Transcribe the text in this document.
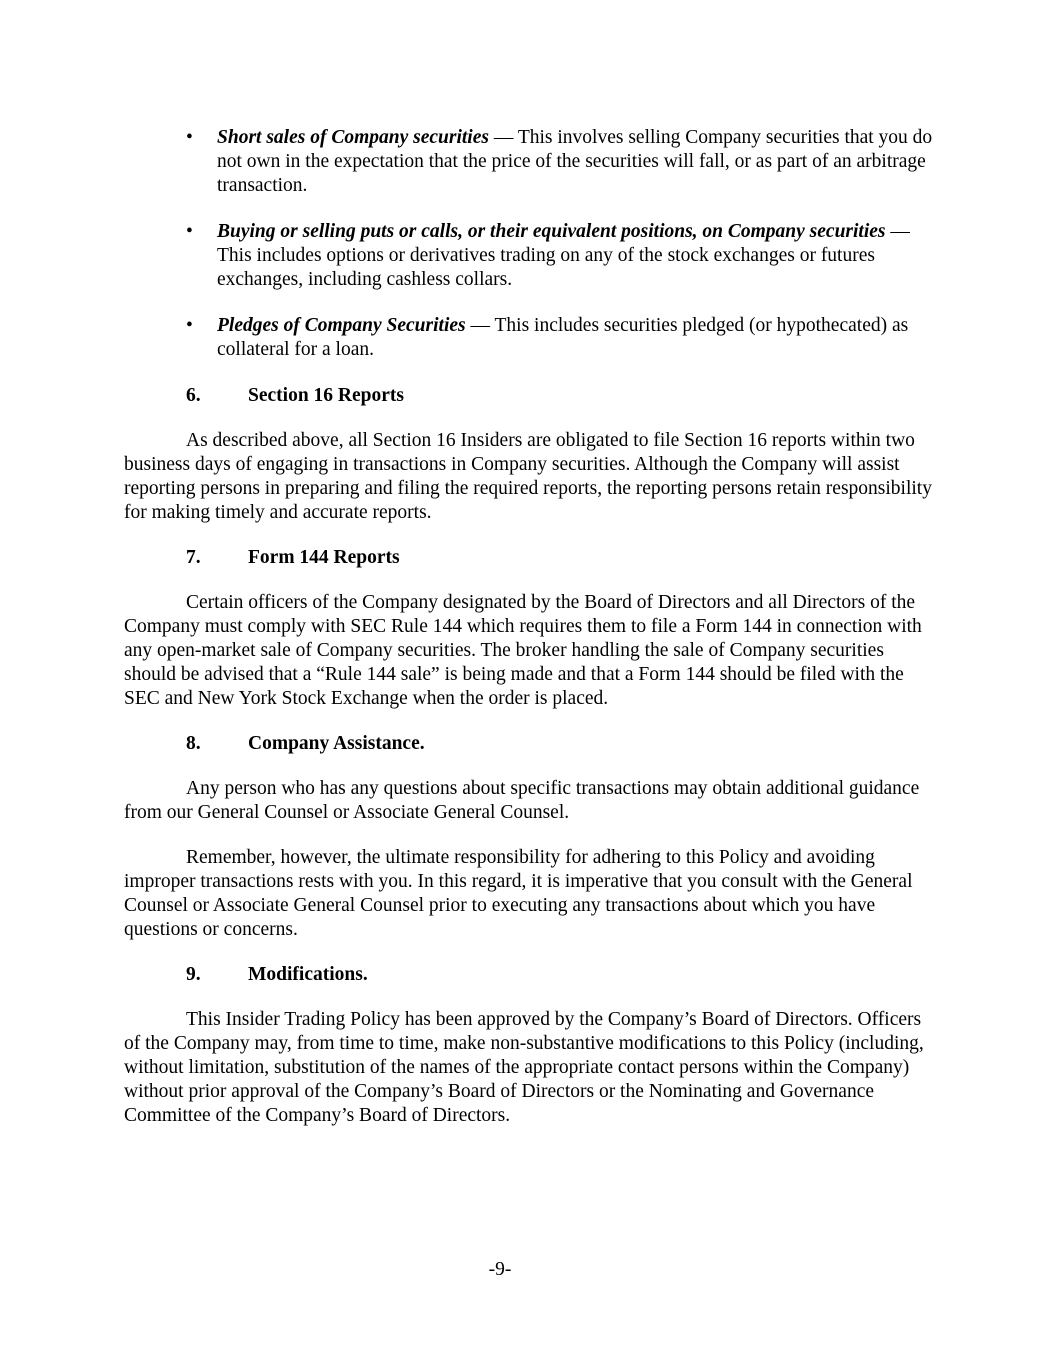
• Short sales of Company securities — This involves selling Company securities that you do not own in the expectation that the price of the securities will fall, or as part of an arbitrage transaction.
• Buying or selling puts or calls, or their equivalent positions, on Company securities — This includes options or derivatives trading on any of the stock exchanges or futures exchanges, including cashless collars.
• Pledges of Company Securities — This includes securities pledged (or hypothecated) as collateral for a loan.
6. Section 16 Reports

As described above, all Section 16 Insiders are obligated to file Section 16 reports within two business days of engaging in transactions in Company securities. Although the Company will assist reporting persons in preparing and filing the required reports, the reporting persons retain responsibility for making timely and accurate reports.

7. Form 144 Reports

Certain officers of the Company designated by the Board of Directors and all Directors of the Company must comply with SEC Rule 144 which requires them to file a Form 144 in connection with any open-market sale of Company securities. The broker handling the sale of Company securities should be advised that a “Rule 144 sale” is being made and that a Form 144 should be filed with the SEC and New York Stock Exchange when the order is placed.

8. Company Assistance.

Any person who has any questions about specific transactions may obtain additional guidance from our General Counsel or Associate General Counsel.

Remember, however, the ultimate responsibility for adhering to this Policy and avoiding improper transactions rests with you. In this regard, it is imperative that you consult with the General Counsel or Associate General Counsel prior to executing any transactions about which you have questions or concerns.

9. Modifications.

This Insider Trading Policy has been approved by the Company’s Board of Directors. Officers of the Company may, from time to time, make non-substantive modifications to this Policy (including, without limitation, substitution of the names of the appropriate contact persons within the Company) without prior approval of the Company’s Board of Directors or the Nominating and Governance Committee of the Company’s Board of Directors.

-9-
